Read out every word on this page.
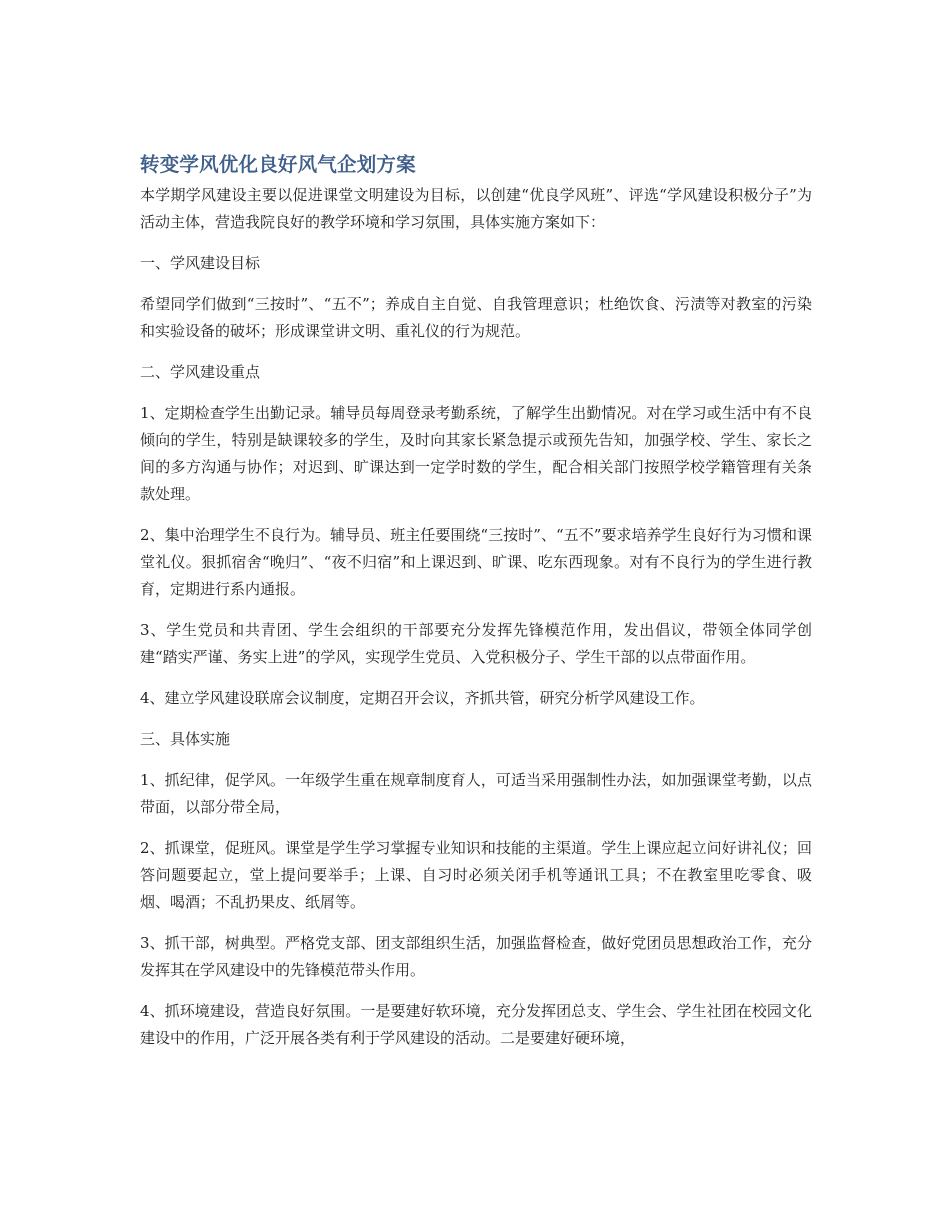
转变学风优化良好风气企划方案

本学期学风建设主要以促进课堂文明建设为目标，以创建“优良学风班”、评选“学风建设积极分子”为活动主体，营造我院良好的教学环境和学习氛围，具体实施方案如下：

一、学风建设目标

希望同学们做到“三按时”、“五不”；养成自主自觉、自我管理意识；杜绝饮食、污渍等对教室的污染和实验设备的破坏；形成课堂讲文明、重礼仪的行为规范。

二、学风建设重点

1、定期检查学生出勤记录。辅导员每周登录考勤系统，了解学生出勤情况。对在学习或生活中有不良倾向的学生，特别是缺课较多的学生，及时向其家长紧急提示或预先告知，加强学校、学生、家长之间的多方沟通与协作；对迟到、旷课达到一定学时数的学生，配合相关部门按照学校学籍管理有关条款处理。

2、集中治理学生不良行为。辅导员、班主任要围绕“三按时”、“五不”要求培养学生良好行为习惯和课堂礼仪。狠抓宿舍“晚归”、“夜不归宿”和上课迟到、旷课、吃东西现象。对有不良行为的学生进行教育，定期进行系内通报。

3、学生党员和共青团、学生会组织的干部要充分发挥先锋模范作用，发出倡议，带领全体同学创建“踏实严谨、务实上进”的学风，实现学生党员、入党积极分子、学生干部的以点带面作用。

4、建立学风建设联席会议制度，定期召开会议，齐抓共管，研究分析学风建设工作。

三、具体实施

1、抓纪律，促学风。一年级学生重在规章制度育人，可适当采用强制性办法，如加强课堂考勤，以点带面，以部分带全局，

2、抓课堂，促班风。课堂是学生学习掌握专业知识和技能的主渠道。学生上课应起立问好讲礼仪；回答问题要起立，堂上提问要举手；上课、自习时必须关闭手机等通讯工具；不在教室里吃零食、吸烟、喝酒；不乱扔果皮、纸屑等。

3、抓干部，树典型。严格党支部、团支部组织生活，加强监督检查，做好党团员思想政治工作，充分发挥其在学风建设中的先锋模范带头作用。

4、抓环境建设，营造良好氛围。一是要建好软环境，充分发挥团总支、学生会、学生社团在校园文化建设中的作用，广泛开展各类有利于学风建设的活动。二是要建好硬环境，
